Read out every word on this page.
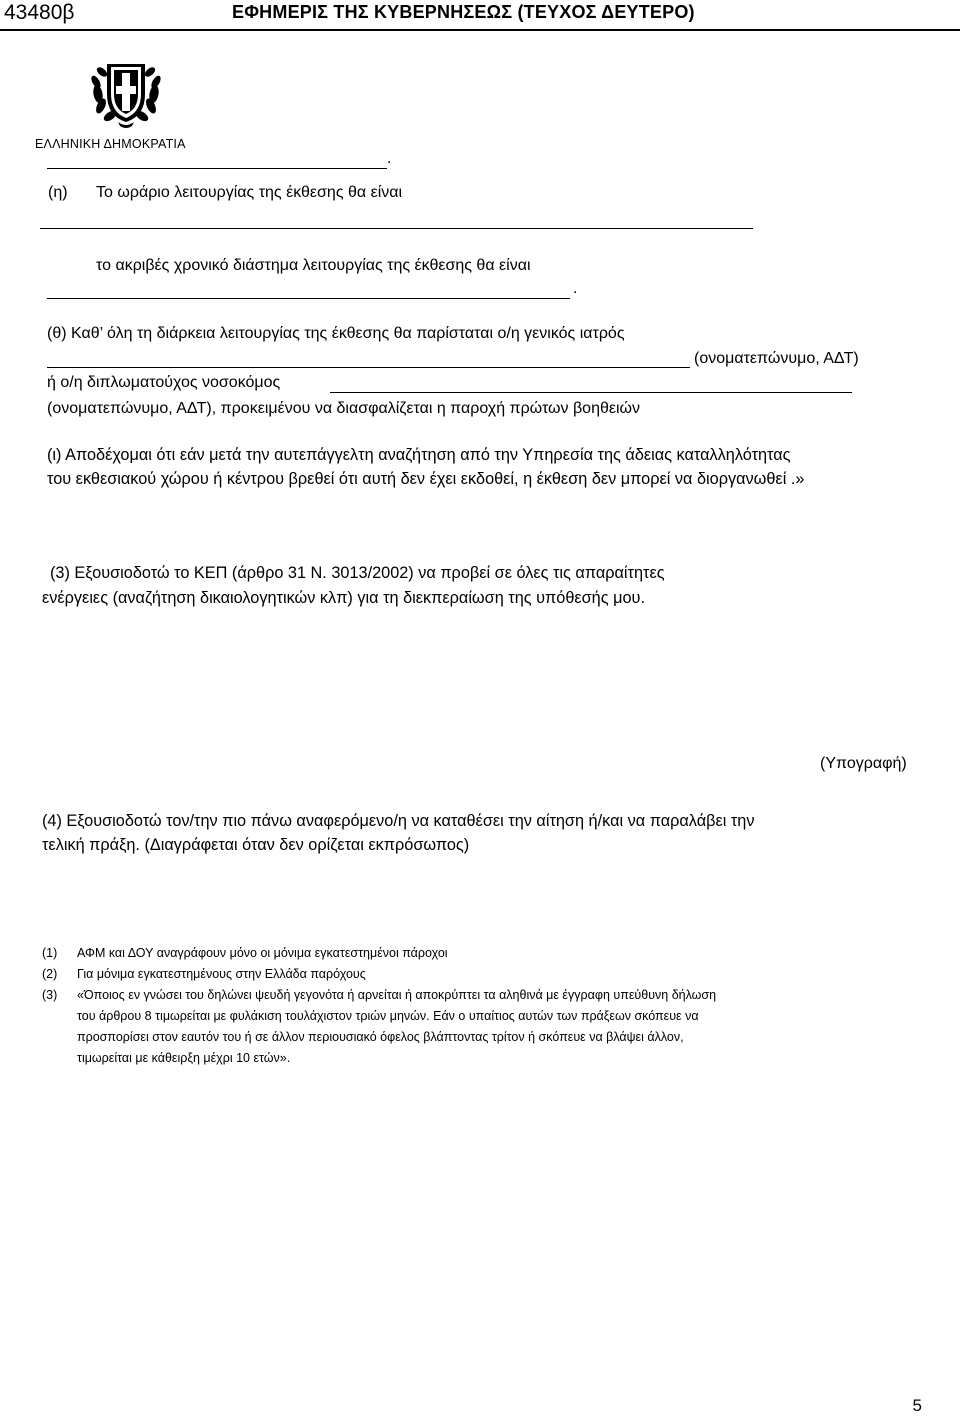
43480β	ΕΦΗΜΕΡΙΣ ΤΗΣ ΚΥΒΕΡΝΗΣΕΩΣ (ΤΕΥΧΟΣ ΔΕΥΤΕΡΟ)
ΕΛΛΗΝΙΚΗ ΔΗΜΟΚΡΑΤΙΑ
.
(η) Το ωράριο λειτουργίας της έκθεσης θα είναι
το ακριβές χρονικό διάστημα λειτουργίας της έκθεσης θα είναι
.
(θ) Καθ’ όλη τη διάρκεια λειτουργίας της έκθεσης θα παρίσταται ο/η γενικός ιατρός
(ονοματεπώνυμο, ΑΔΤ)
ή ο/η διπλωματούχος νοσοκόμος
(ονοματεπώνυμο, ΑΔΤ), προκειμένου να διασφαλίζεται η παροχή πρώτων βοηθειών
(ι) Αποδέχομαι ότι εάν μετά την αυτεπάγγελτη αναζήτηση από την Υπηρεσία της άδειας καταλληλότητας
του εκθεσιακού χώρου ή κέντρου βρεθεί ότι αυτή δεν έχει εκδοθεί, η έκθεση δεν μπορεί να διοργανωθεί .»
(3) Εξουσιοδοτώ το ΚΕΠ (άρθρο 31 Ν. 3013/2002) να προβεί σε όλες τις απαραίτητες
ενέργειες (αναζήτηση δικαιολογητικών κλπ) για τη διεκπεραίωση της υπόθεσής μου.
(Υπογραφή)
(4) Εξουσιοδοτώ τον/την πιο πάνω αναφερόμενο/η να καταθέσει την αίτηση ή/και να παραλάβει την
τελική πράξη. (Διαγράφεται όταν δεν ορίζεται εκπρόσωπος)
(1) ΑΦΜ και ΔΟΥ αναγράφουν μόνο οι μόνιμα εγκατεστημένοι πάροχοι
(2) Για μόνιμα εγκατεστημένους στην Ελλάδα παρόχους
(3) «Όποιος εν γνώσει του δηλώνει ψευδή γεγονότα ή αρνείται ή αποκρύπτει τα αληθινά με έγγραφη υπεύθυνη δήλωση
του άρθρου 8 τιμωρείται με φυλάκιση τουλάχιστον τριών μηνών. Εάν ο υπαίτιος αυτών των πράξεων σκόπευε να
προσπορίσει στον εαυτόν του ή σε άλλον περιουσιακό όφελος βλάπτοντας τρίτον ή σκόπευε να βλάψει άλλον,
τιμωρείται με κάθειρξη μέχρι 10 ετών».
5
